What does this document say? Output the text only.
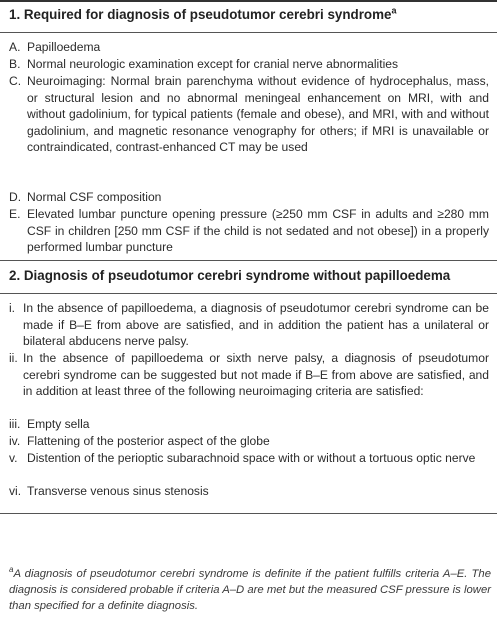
1. Required for diagnosis of pseudotumor cerebri syndrome$^a$
A. Papilloedema
B. Normal neurologic examination except for cranial nerve abnormalities
C. Neuroimaging: Normal brain parenchyma without evidence of hydrocephalus, mass, or structural lesion and no abnormal meningeal enhancement on MRI, with and without gadolinium, for typical patients (female and obese), and MRI, with and without gadolinium, and magnetic resonance venography for others; if MRI is unavailable or contraindicated, contrast-enhanced CT may be used
D. Normal CSF composition
E. Elevated lumbar puncture opening pressure (≥250 mm CSF in adults and ≥280 mm CSF in children [250 mm CSF if the child is not sedated and not obese]) in a properly performed lumbar puncture
2. Diagnosis of pseudotumor cerebri syndrome without papilloedema
i. In the absence of papilloedema, a diagnosis of pseudotumor cerebri syndrome can be made if B–E from above are satisfied, and in addition the patient has a unilateral or bilateral abducens nerve palsy.
ii. In the absence of papilloedema or sixth nerve palsy, a diagnosis of pseudotumor cerebri syndrome can be suggested but not made if B–E from above are satisfied, and in addition at least three of the following neuroimaging criteria are satisfied:
iii. Empty sella
iv. Flattening of the posterior aspect of the globe
v. Distention of the perioptic subarachnoid space with or without a tortuous optic nerve
vi. Transverse venous sinus stenosis
$^a$A diagnosis of pseudotumor cerebri syndrome is definite if the patient fulfills criteria A–E. The diagnosis is considered probable if criteria A–D are met but the measured CSF pressure is lower than specified for a definite diagnosis.
